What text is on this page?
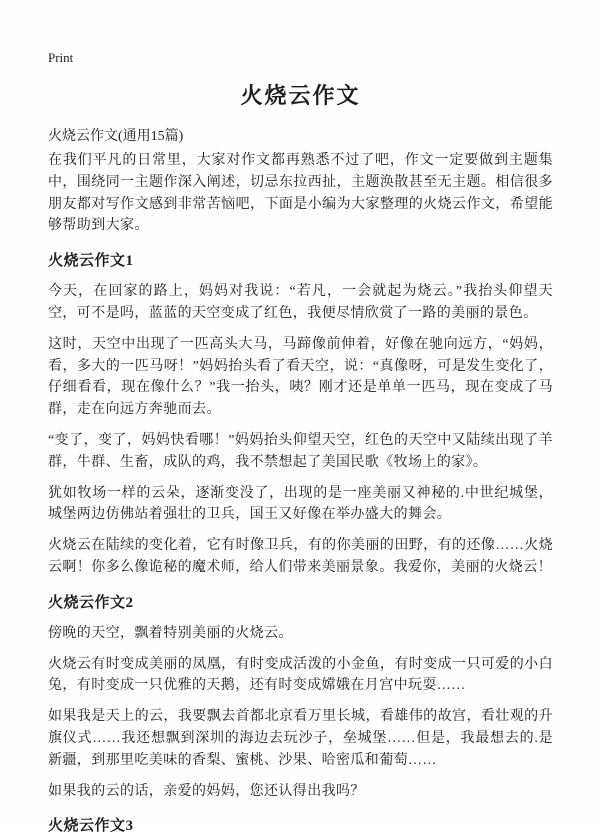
Print
火烧云作文

火烧云作文(通用15篇)

在我们平凡的日常里，大家对作文都再熟悉不过了吧，作文一定要做到主题集中，围绕同一主题作深入阐述，切忌东拉西扯，主题涣散甚至无主题。相信很多朋友都对写作文感到非常苦恼吧，下面是小编为大家整理的火烧云作文，希望能够帮助到大家。

火烧云作文1

今天，在回家的路上，妈妈对我说：“若凡，一会就起为烧云。”我抬头仰望天空，可不是吗，蓝蓝的天空变成了红色，我便尽情欣赏了一路的美丽的景色。

这时，天空中出现了一匹高头大马，马蹄像前伸着，好像在驰向远方，“妈妈，看，多大的一匹马呀！”妈妈抬头看了看天空，说：“真像呀，可是发生变化了，仔细看看，现在像什么？”我一抬头，咦？刚才还是单单一匹马，现在变成了马群，走在向远方奔驰而去。

“变了，变了，妈妈快看哪！”妈妈抬头仰望天空，红色的天空中又陆续出现了羊群，牛群、生畜，成队的鸡，我不禁想起了美国民歌《牧场上的家》。

犹如牧场一样的云朵，逐渐变没了，出现的是一座美丽又神秘的.中世纪城堡，城堡两边仿佛站着强壮的卫兵，国王又好像在举办盛大的舞会。

火烧云在陆续的变化着，它有时像卫兵，有的你美丽的田野，有的还像……火烧云啊！你多么像诡秘的魔术师，给人们带来美丽景象。我爱你，美丽的火烧云！

火烧云作文2

傍晚的天空，飘着特别美丽的火烧云。

火烧云有时变成美丽的凤凰，有时变成活泼的小金鱼，有时变成一只可爱的小白兔，有时变成一只优雅的天鹅，还有时变成嫦娥在月宫中玩耍……

如果我是天上的云，我要飘去首都北京看万里长城，看雄伟的故宫，看壮观的升旗仪式……我还想飘到深圳的海边去玩沙子，垒城堡……但是，我最想去的.是新疆，到那里吃美味的香梨、蜜桃、沙果、哈密瓜和葡萄……

如果我的云的话，亲爱的妈妈，您还认得出我吗？

火烧云作文3
